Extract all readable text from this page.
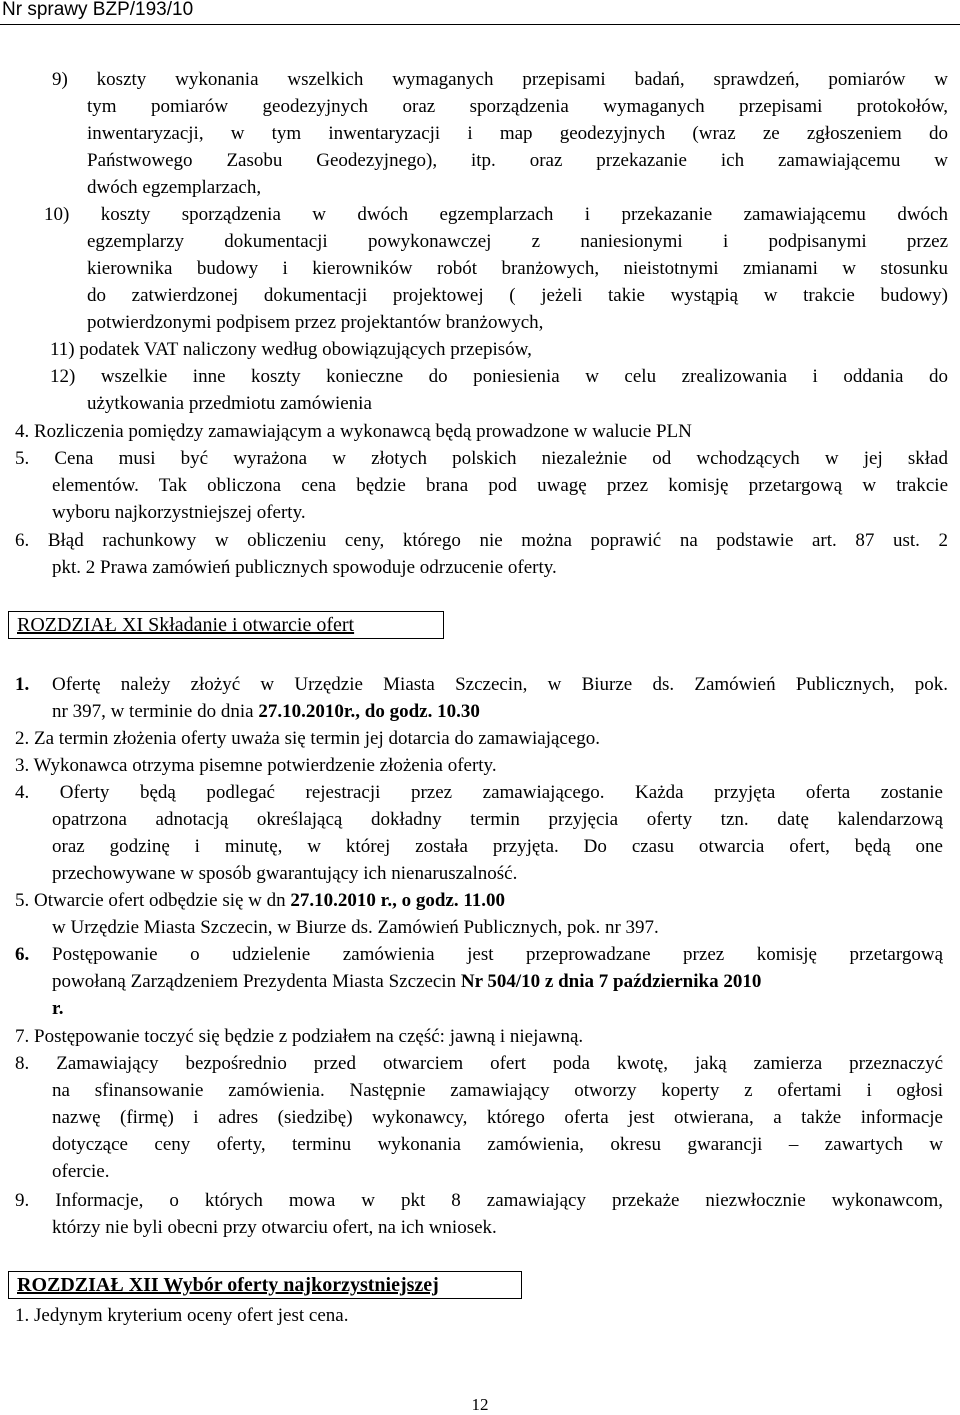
Nr sprawy BZP/193/10
9) koszty wykonania wszelkich wymaganych przepisami badań, sprawdzeń, pomiarów w
tym pomiarów geodezyjnych oraz sporządzenia wymaganych przepisami protokołów,
inwentaryzacji, w tym inwentaryzacji i map geodezyjnych (wraz ze zgłoszeniem do
Państwowego Zasobu Geodezyjnego), itp. oraz przekazanie ich zamawiającemu w
dwóch egzemplarzach,
10) koszty sporządzenia w dwóch egzemplarzach i przekazanie zamawiającemu dwóch
egzemplarzy dokumentacji powykonawczej z naniesionymi i podpisanymi przez
kierownika budowy i kierowników robót branżowych, nieistotnymi zmianami w stosunku
do zatwierdzonej dokumentacji projektowej ( jeżeli takie wystąpią w trakcie budowy)
potwierdzonymi podpisem przez projektantów branżowych,
11) podatek VAT naliczony według obowiązujących przepisów,
12) wszelkie inne koszty konieczne do poniesienia w celu zrealizowania i oddania do
użytkowania przedmiotu zamówienia
4. Rozliczenia pomiędzy zamawiającym a wykonawcą będą prowadzone w walucie PLN
5. Cena musi być wyrażona w złotych polskich niezależnie od wchodzących w jej skład
elementów. Tak obliczona cena będzie brana pod uwagę przez komisję przetargową w trakcie
wyboru najkorzystniejszej oferty.
6. Błąd rachunkowy w obliczeniu ceny, którego nie można poprawić na podstawie art. 87 ust. 2
pkt. 2 Prawa zamówień publicznych spowoduje odrzucenie oferty.
ROZDZIAŁ XI Składanie i otwarcie ofert
1. Ofertę należy złożyć w Urzędzie Miasta Szczecin, w Biurze ds. Zamówień Publicznych, pok.
nr 397, w terminie do dnia 27.10.2010r., do godz. 10.30
2. Za termin złożenia oferty uważa się termin jej dotarcia do zamawiającego.
3. Wykonawca otrzyma pisemne potwierdzenie złożenia oferty.
4. Oferty będą podlegać rejestracji przez zamawiającego. Każda przyjęta oferta zostanie
opatrzona adnotacją określającą dokładny termin przyjęcia oferty tzn. datę kalendarzową
oraz godzinę i minutę, w której została przyjęta. Do czasu otwarcia ofert, będą one
przechowywane w sposób gwarantujący ich nienaruszalność.
5. Otwarcie ofert odbędzie się w dn 27.10.2010 r., o godz. 11.00
w Urzędzie Miasta Szczecin, w Biurze ds. Zamówień Publicznych, pok. nr 397.
6. Postępowanie o udzielenie zamówienia jest przeprowadzane przez komisję przetargową
powołaną Zarządzeniem Prezydenta Miasta Szczecin Nr 504/10 z dnia 7 października 2010
r.
7. Postępowanie toczyć się będzie z podziałem na część: jawną i niejawną.
8. Zamawiający bezpośrednio przed otwarciem ofert poda kwotę, jaką zamierza przeznaczyć
na sfinansowanie zamówienia. Następnie zamawiający otworzy koperty z ofertami i ogłosi
nazwę (firmę) i adres (siedzibę) wykonawcy, którego oferta jest otwierana, a także informacje
dotyczące ceny oferty, terminu wykonania zamówienia, okresu gwarancji – zawartych w
ofercie.
9. Informacje, o których mowa w pkt 8 zamawiający przekaże niezwłocznie wykonawcom,
którzy nie byli obecni przy otwarciu ofert, na ich wniosek.
ROZDZIAŁ XII Wybór oferty najkorzystniejszej
1. Jedynym kryterium oceny ofert jest cena.
12
